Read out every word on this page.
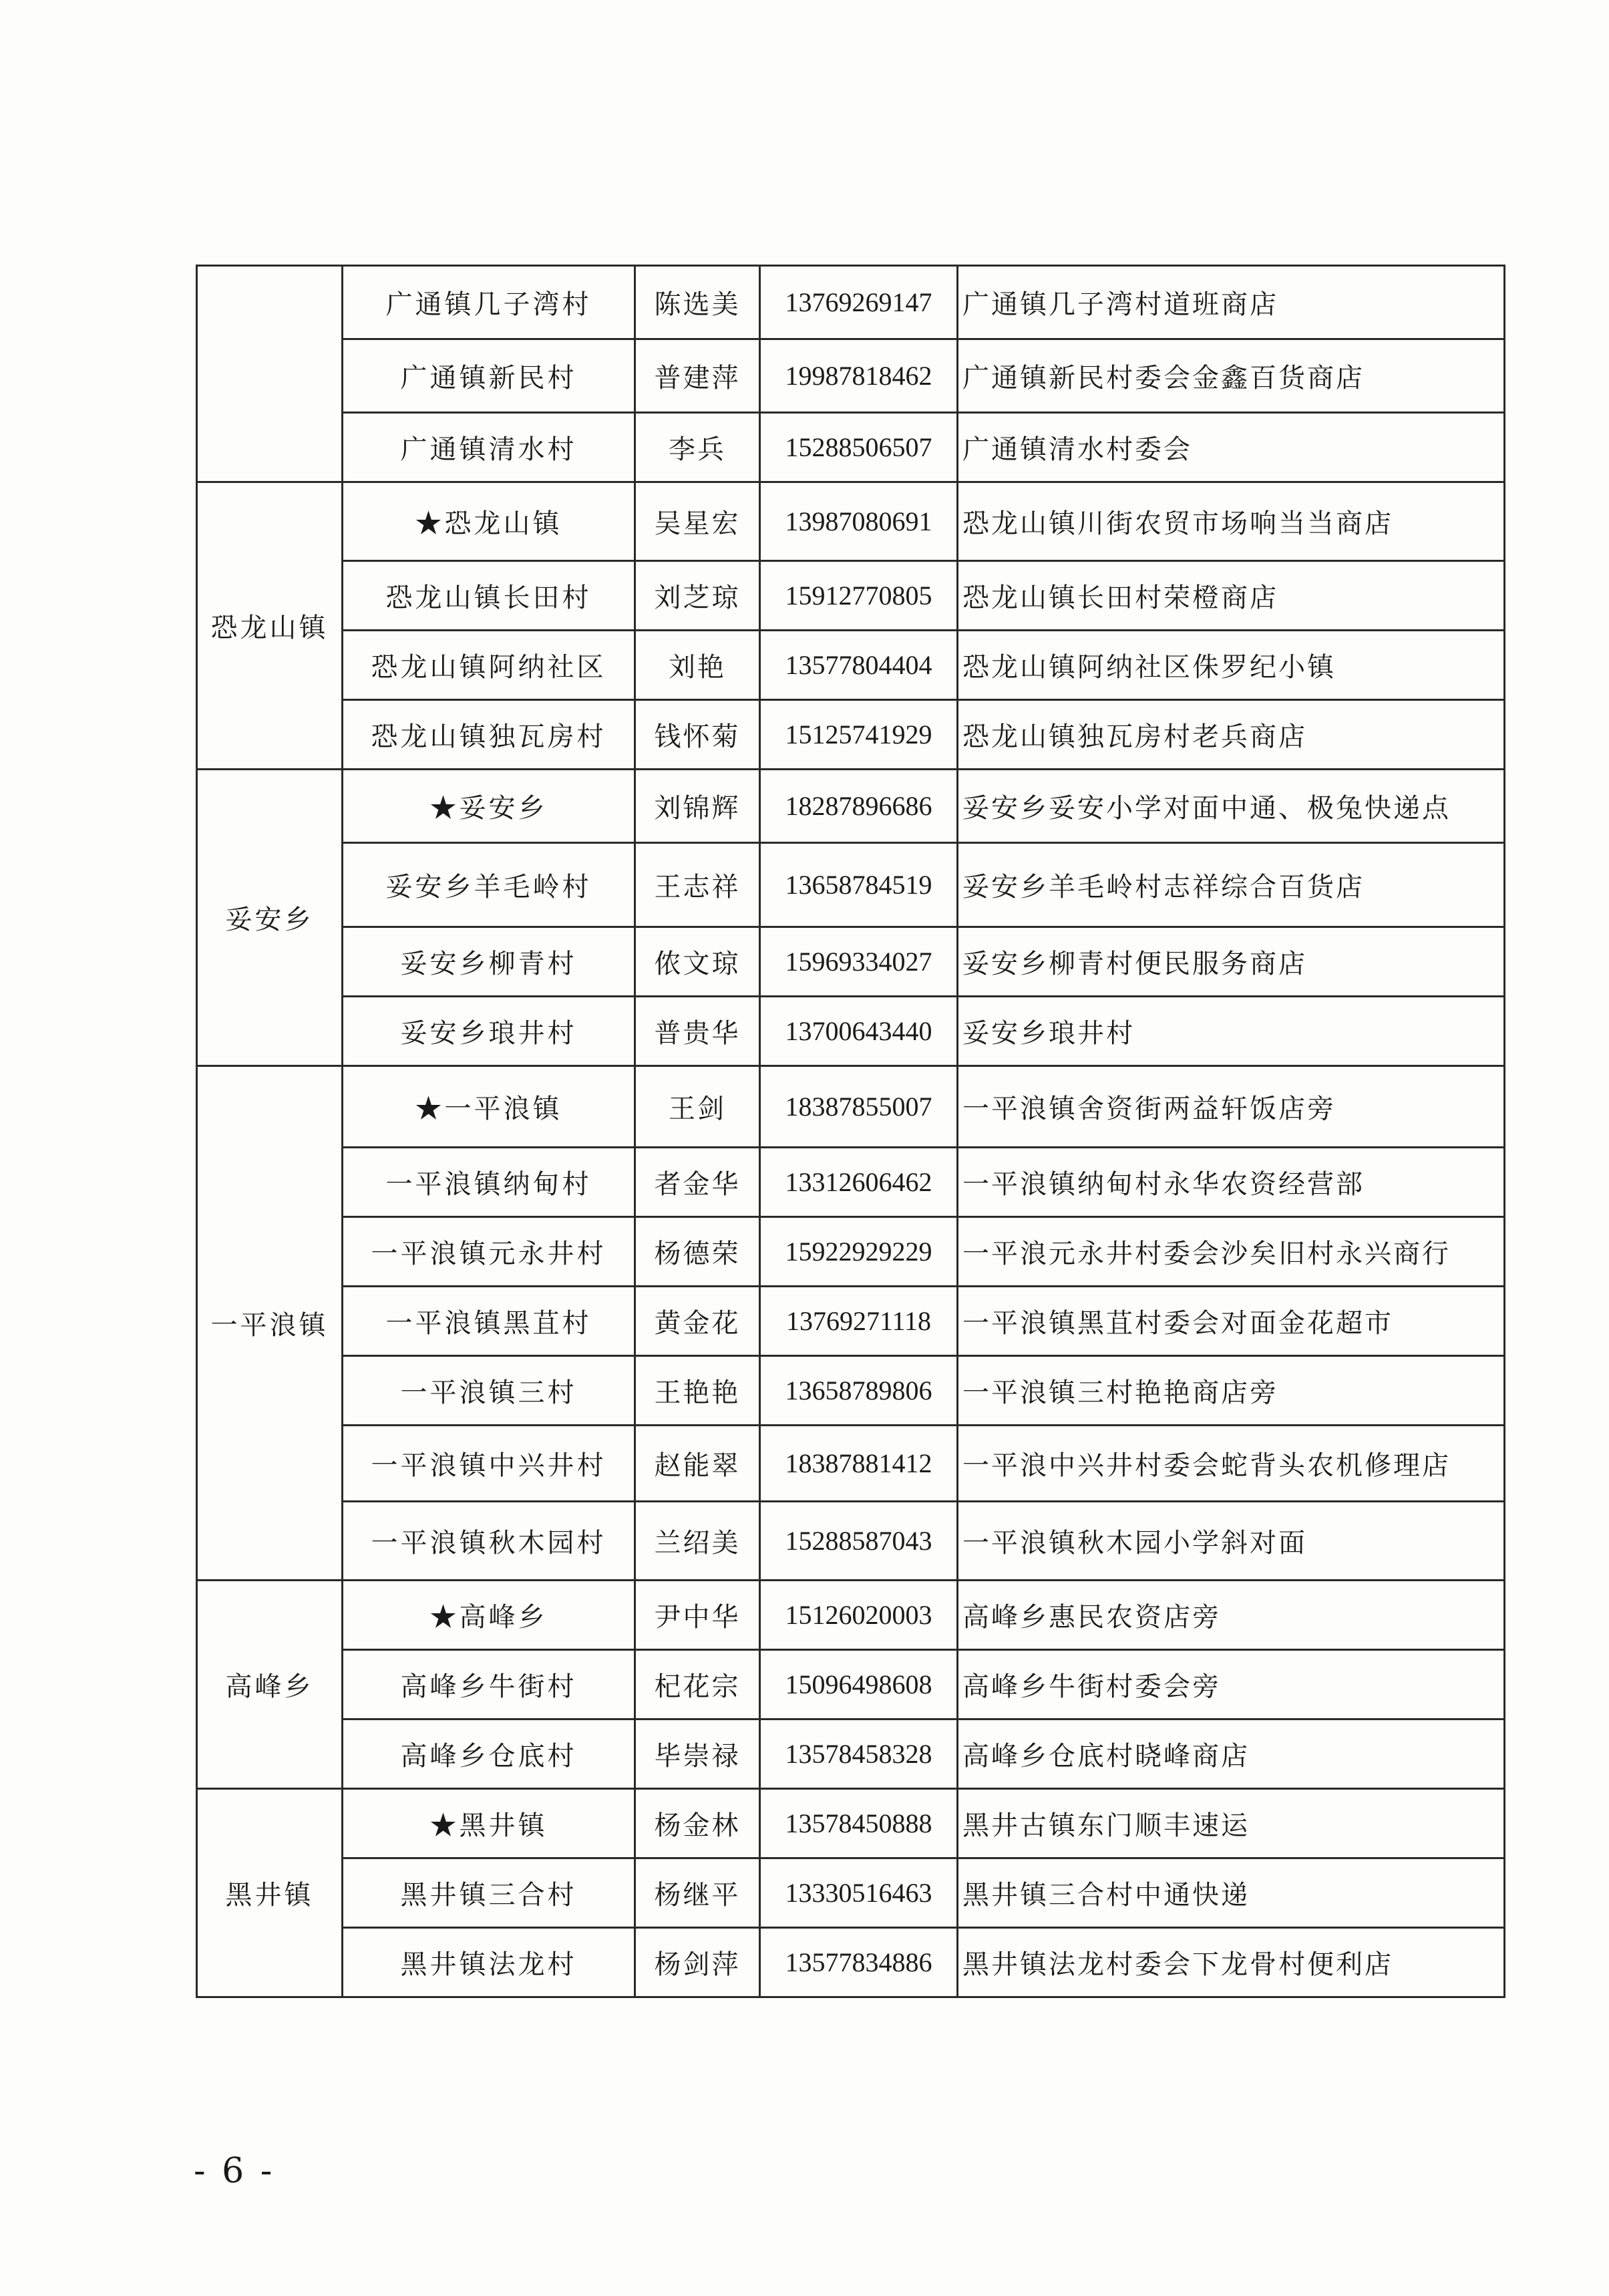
	广通镇几子湾村	陈选美	13769269147	广通镇几子湾村道班商店
	广通镇新民村	普建萍	19987818462	广通镇新民村委会金鑫百货商店
	广通镇清水村	李兵	15288506507	广通镇清水村委会
恐龙山镇	★恐龙山镇	吴星宏	13987080691	恐龙山镇川街农贸市场响当当商店
	恐龙山镇长田村	刘芝琼	15912770805	恐龙山镇长田村荣橙商店
	恐龙山镇阿纳社区	刘艳	13577804404	恐龙山镇阿纳社区侏罗纪小镇
	恐龙山镇独瓦房村	钱怀菊	15125741929	恐龙山镇独瓦房村老兵商店
妥安乡	★妥安乡	刘锦辉	18287896686	妥安乡妥安小学对面中通、极兔快递点
	妥安乡羊毛岭村	王志祥	13658784519	妥安乡羊毛岭村志祥综合百货店
	妥安乡柳青村	侬文琼	15969334027	妥安乡柳青村便民服务商店
	妥安乡琅井村	普贵华	13700643440	妥安乡琅井村
一平浪镇	★一平浪镇	王剑	18387855007	一平浪镇舍资街两益轩饭店旁
	一平浪镇纳甸村	者金华	13312606462	一平浪镇纳甸村永华农资经营部
	一平浪镇元永井村	杨德荣	15922929229	一平浪元永井村委会沙矣旧村永兴商行
	一平浪镇黑苴村	黄金花	13769271118	一平浪镇黑苴村委会对面金花超市
	一平浪镇三村	王艳艳	13658789806	一平浪镇三村艳艳商店旁
	一平浪镇中兴井村	赵能翠	18387881412	一平浪中兴井村委会蛇背头农机修理店
	一平浪镇秋木园村	兰绍美	15288587043	一平浪镇秋木园小学斜对面
高峰乡	★高峰乡	尹中华	15126020003	高峰乡惠民农资店旁
	高峰乡牛街村	杞花宗	15096498608	高峰乡牛街村委会旁
	高峰乡仓底村	毕崇禄	13578458328	高峰乡仓底村晓峰商店
黑井镇	★黑井镇	杨金林	13578450888	黑井古镇东门顺丰速运
	黑井镇三合村	杨继平	13330516463	黑井镇三合村中通快递
	黑井镇法龙村	杨剑萍	13577834886	黑井镇法龙村委会下龙骨村便利店
- 6 -
